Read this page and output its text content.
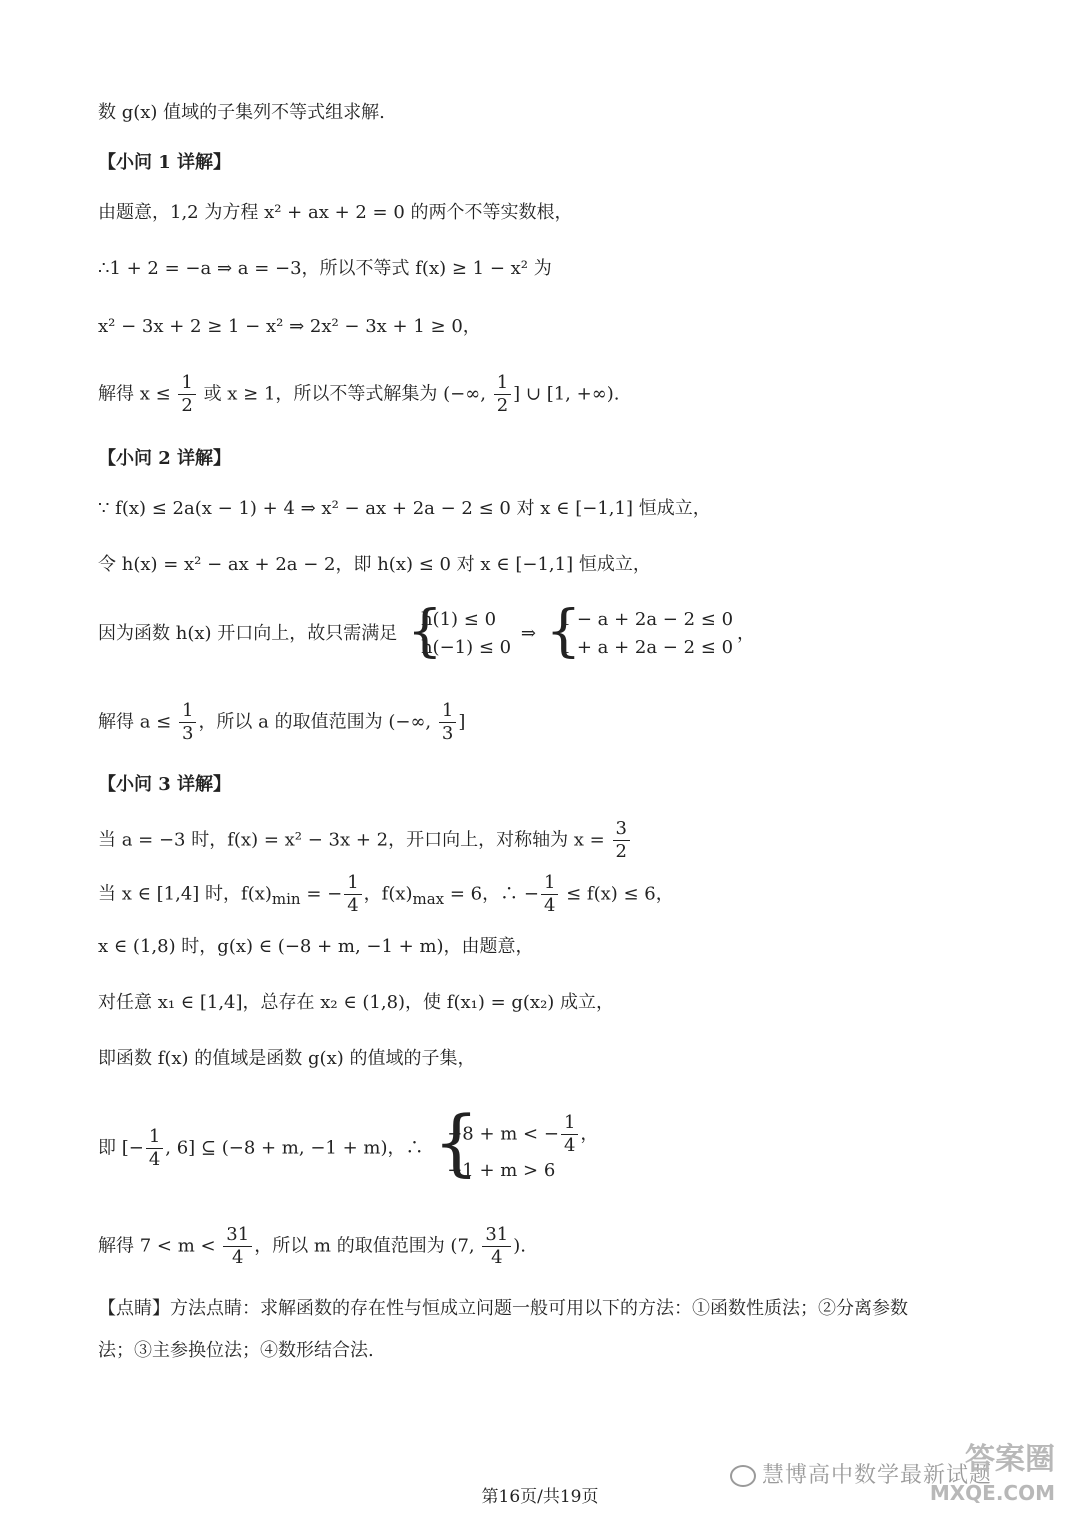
数 g(x) 值域的子集列不等式组求解.
【小问 1 详解】
由题意，1,2 为方程 x² + ax + 2 = 0 的两个不等实数根，
∴1 + 2 = −a ⇒ a = −3，所以不等式 f(x) ≥ 1 − x² 为
x² − 3x + 2 ≥ 1 − x² ⇒ 2x² − 3x + 1 ≥ 0，
解得 $x \le \frac{1}{2}$ 或 x ≥ 1，所以不等式解集为 (−∞, $\frac{1}{2}$ ] ∪ [1, +∞).
【小问 2 详解】
∵ f(x) ≤ 2a(x − 1) + 4 ⇒ x² − ax + 2a − 2 ≤ 0 对 x ∈ [−1,1] 恒成立，
令 h(x) = x² − ax + 2a − 2，即 h(x) ≤ 0 对 x ∈ [−1,1] 恒成立，
因为函数 h(x) 开口向上，故只需满足 {
h(1) ≤ 0
h(−1) ≤ 0
⇒ {
1 − a + 2a − 2 ≤ 0
1 + a + 2a − 2 ≤ 0
，
解得 $a \le \frac{1}{3}$ ，所以 a 的取值范围为 (−∞, $\frac{1}{3}$ ]
【小问 3 详解】
当 a = −3 时，f(x) = x² − 3x + 2，开口向上，对称轴为 $x = \frac{3}{2}$
当 x ∈ [1,4] 时，$f(x)_{min}$ = − $\frac{1}{4}$ ，$f(x)_{max} = 6$，∴ − $\frac{1}{4} \le f(x) \le 6$，
x ∈ (1,8) 时，g(x) ∈ (−8 + m, −1 + m)，由题意，
对任意 x₁ ∈ [1,4]，总存在 x₂ ∈ (1,8)，使 f(x₁) = g(x₂) 成立，
即函数 f(x) 的值域是函数 g(x) 的值域的子集，
即 [− $\frac{1}{4}$ , 6] ⊆ (−8 + m, −1 + m)，∴ {
−8 + m < − $\frac{1}{4}$ ，
−1 + m > 6
解得 $7 < m < \frac{31}{4}$ ，所以 m 的取值范围为 (7, $\frac{31}{4}$ ).
【点睛】方法点睛：求解函数的存在性与恒成立问题一般可用以下的方法：①函数性质法；②分离参数
法；③主参换位法；④数形结合法.
慧博高中数学最新试题
答案圈
MXQE.COM
第16页/共19页
